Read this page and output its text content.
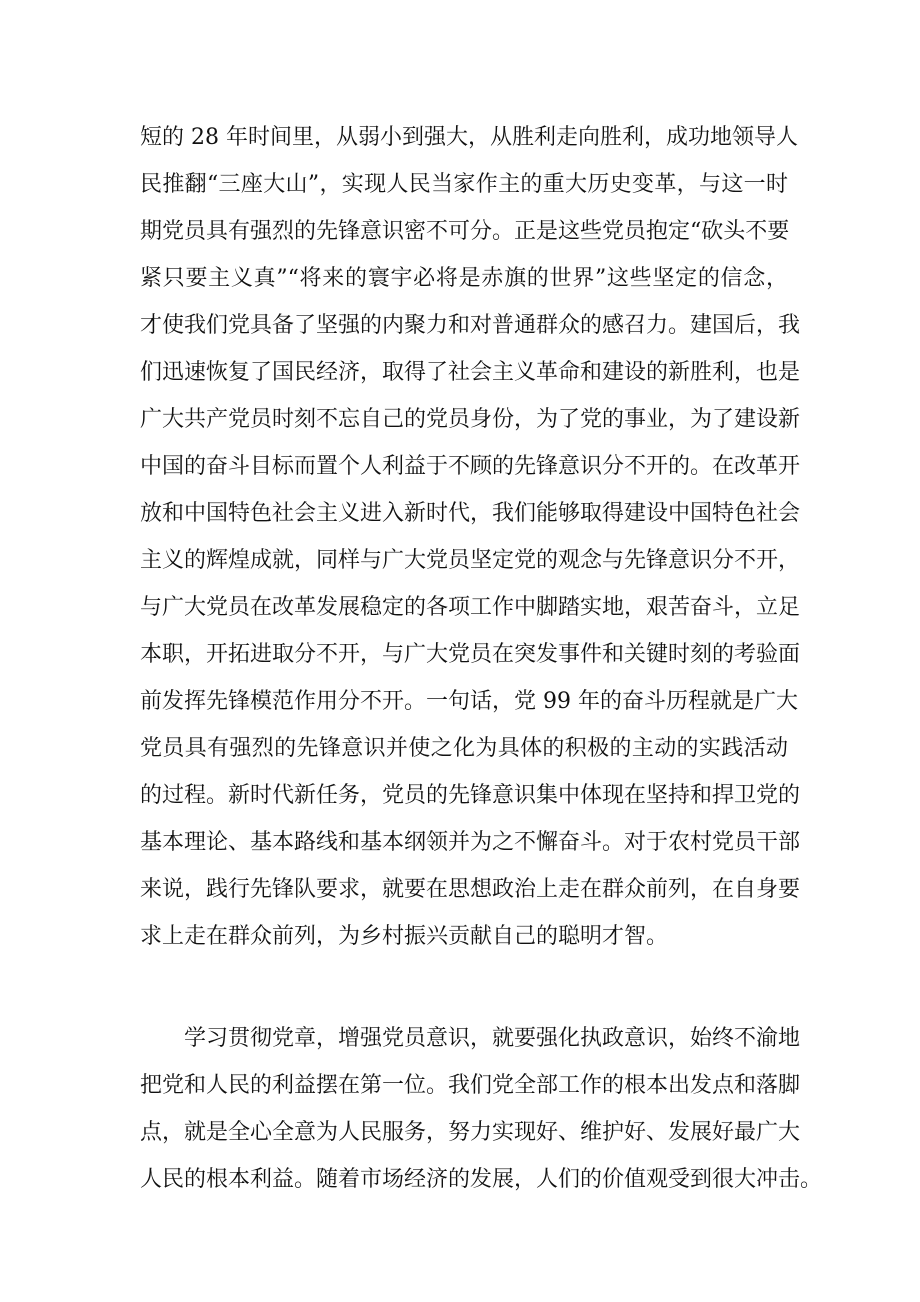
短的 28 年时间里，从弱小到强大，从胜利走向胜利，成功地领导人
民推翻“三座大山”，实现人民当家作主的重大历史变革，与这一时
期党员具有强烈的先锋意识密不可分。正是这些党员抱定“砍头不要
紧只要主义真”“将来的寰宇必将是赤旗的世界”这些坚定的信念，
才使我们党具备了坚强的内聚力和对普通群众的感召力。建国后，我
们迅速恢复了国民经济，取得了社会主义革命和建设的新胜利，也是
广大共产党员时刻不忘自己的党员身份，为了党的事业，为了建设新
中国的奋斗目标而置个人利益于不顾的先锋意识分不开的。在改革开
放和中国特色社会主义进入新时代，我们能够取得建设中国特色社会
主义的辉煌成就，同样与广大党员坚定党的观念与先锋意识分不开，
与广大党员在改革发展稳定的各项工作中脚踏实地，艰苦奋斗，立足
本职，开拓进取分不开，与广大党员在突发事件和关键时刻的考验面
前发挥先锋模范作用分不开。一句话，党 99 年的奋斗历程就是广大
党员具有强烈的先锋意识并使之化为具体的积极的主动的实践活动
的过程。新时代新任务，党员的先锋意识集中体现在坚持和捍卫党的
基本理论、基本路线和基本纲领并为之不懈奋斗。对于农村党员干部
来说，践行先锋队要求，就要在思想政治上走在群众前列，在自身要
求上走在群众前列，为乡村振兴贡献自己的聪明才智。
学习贯彻党章，增强党员意识，就要强化执政意识，始终不渝地
把党和人民的利益摆在第一位。我们党全部工作的根本出发点和落脚
点，就是全心全意为人民服务，努力实现好、维护好、发展好最广大
人民的根本利益。随着市场经济的发展，人们的价值观受到很大冲击。
